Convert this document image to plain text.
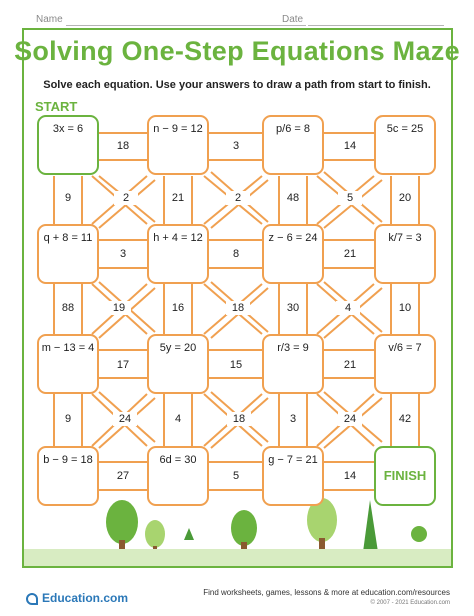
Name	Date
Solving One-Step Equations Maze
Solve each equation. Use your answers to draw a path from start to finish.
START
3x = 6	n − 9 = 12	p/6 = 8	5c = 25
q + 8 = 11	h + 4 = 12	z − 6 = 24	k/7 = 3
m − 13 = 4	5y = 20	r/3 = 9	v/6 = 7
b − 9 = 18	6d = 30	g − 7 = 21
FINISH
18	3	14
3	8	21
17	15	21
27	5	14
9	21	48	20
88	16	30	10
9	4	3	42
2	2	5
19	18	4
24	18	24
Education.com	Find worksheets, games, lessons & more at education.com/resources
© 2007 - 2021 Education.com
